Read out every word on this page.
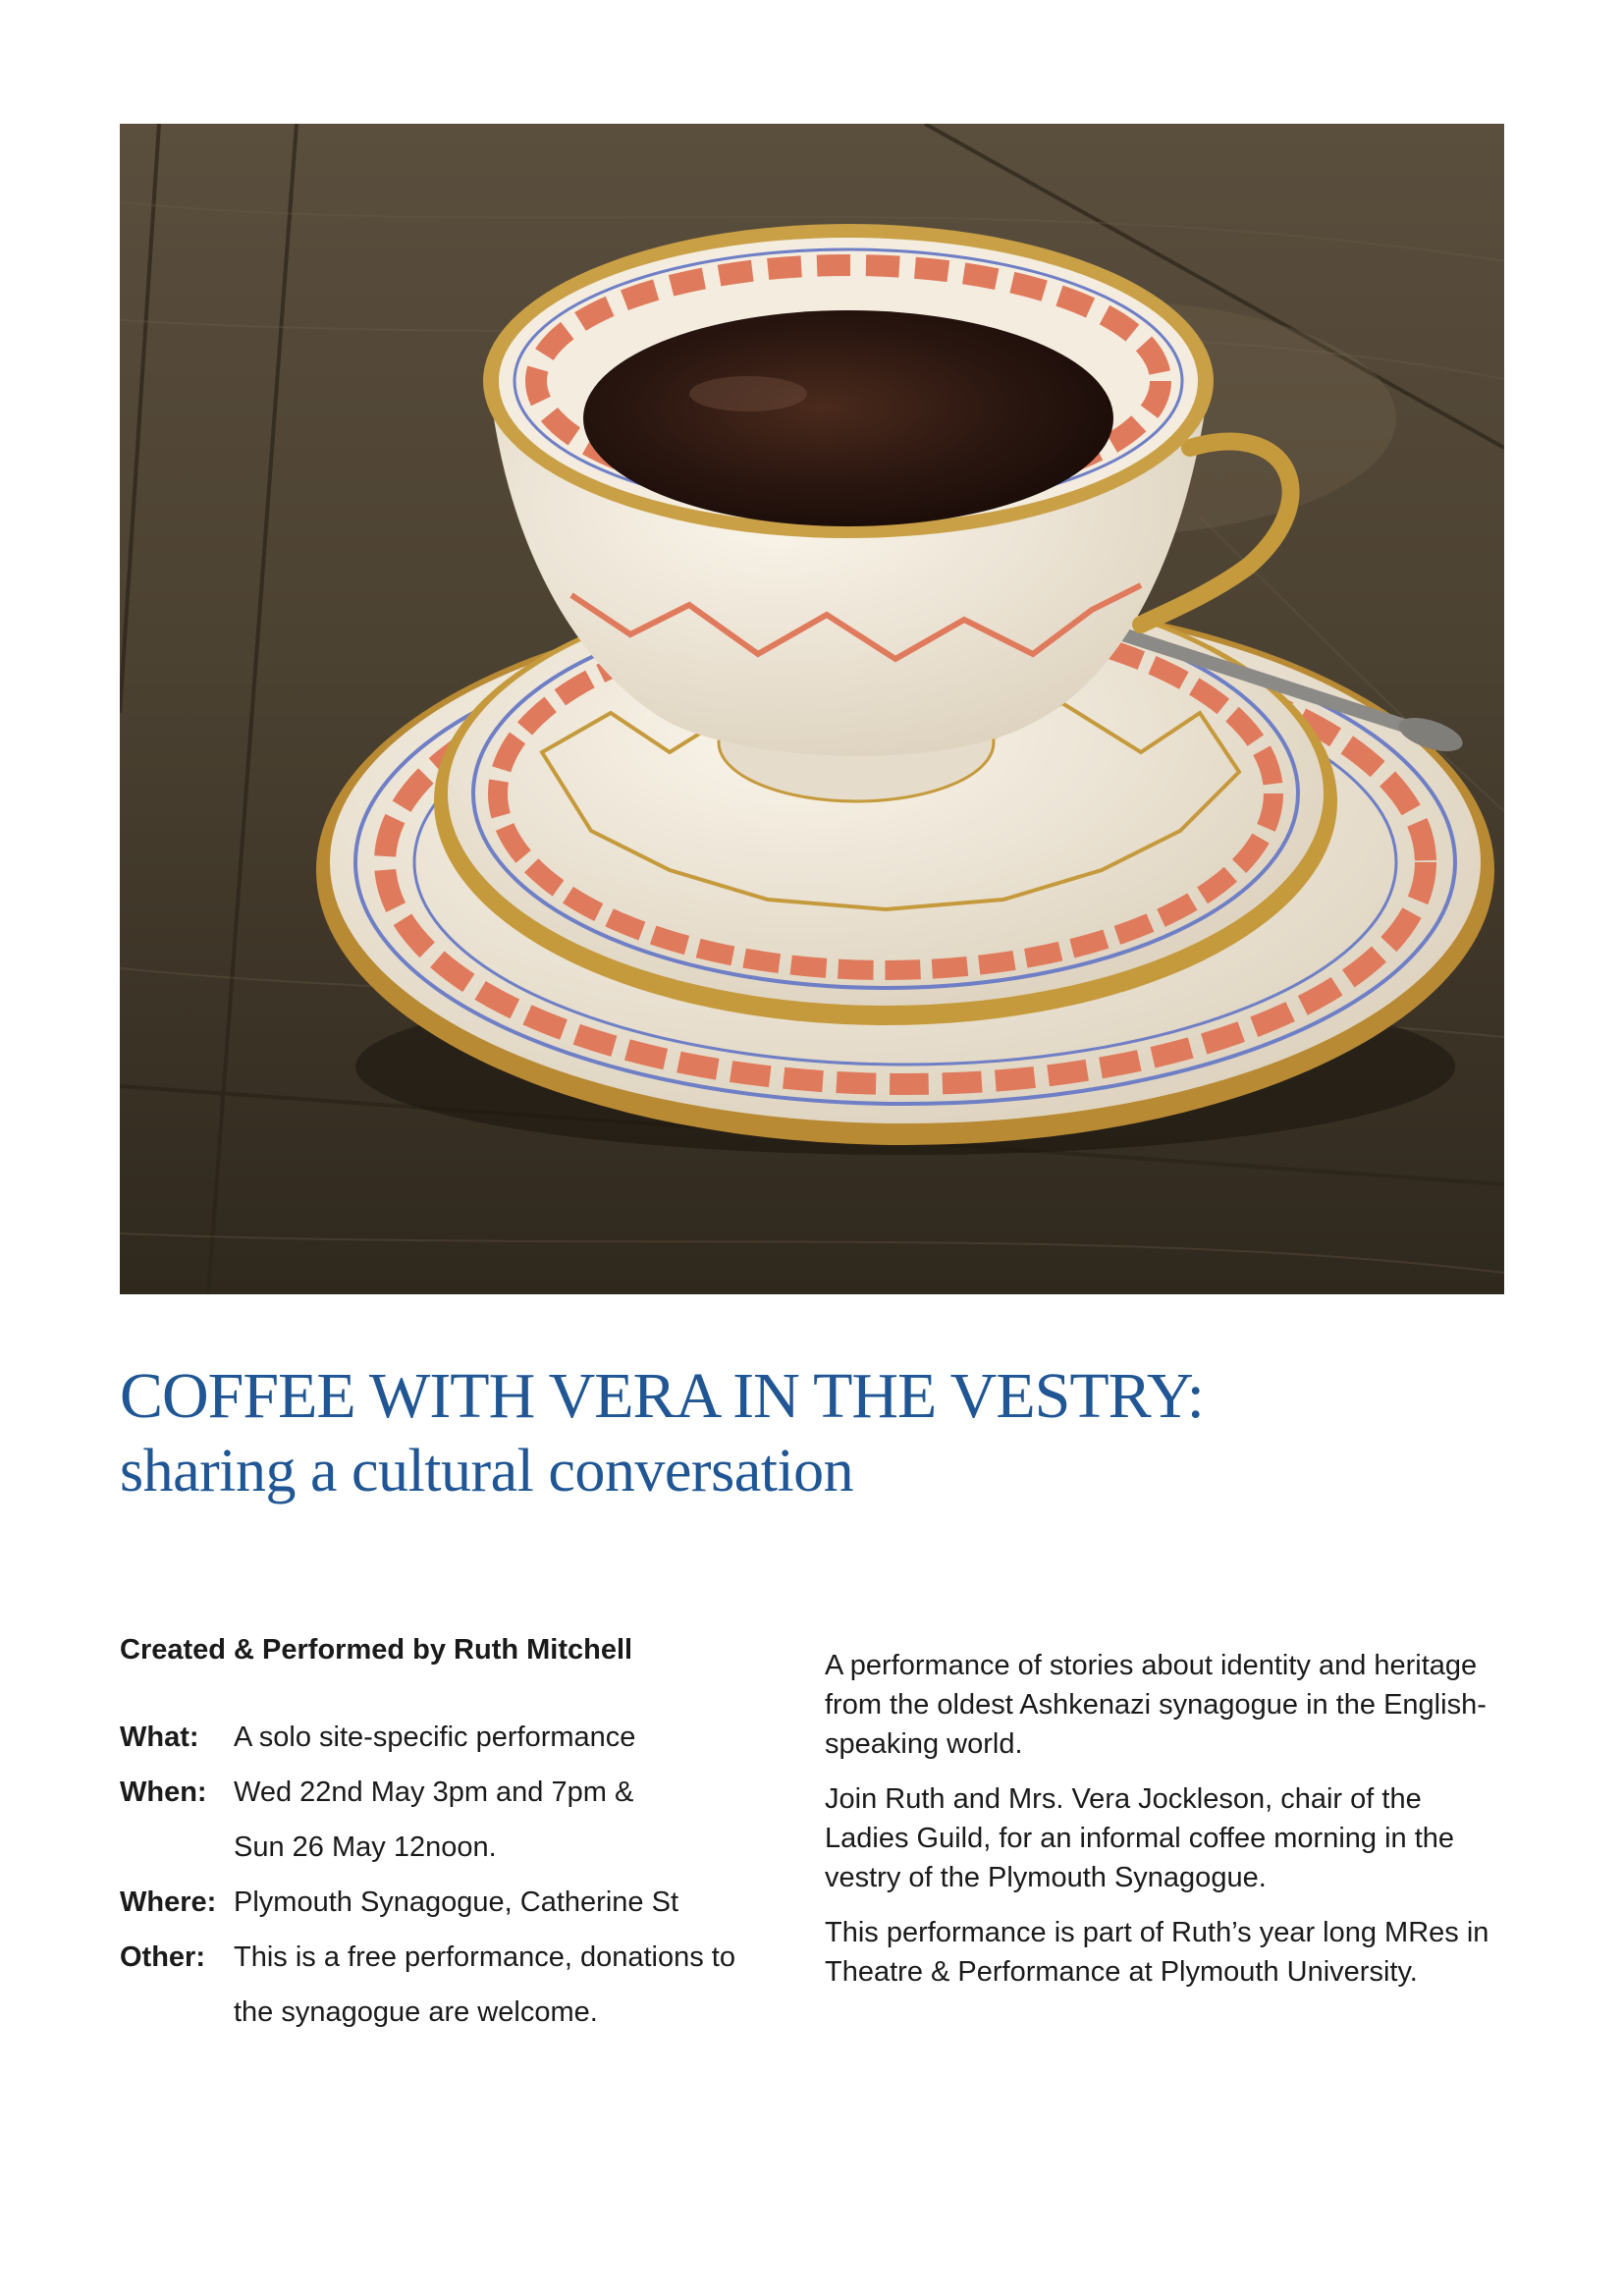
COFFEE WITH VERA IN THE VESTRY:
sharing a cultural conversation

Created & Performed by Ruth Mitchell

What:	A solo site-specific performance
When: Wed 22nd May 3pm and 7pm &
Sun 26 May 12noon.
Where: Plymouth Synagogue, Catherine St
Other:	This is a free performance, donations to
the synagogue are welcome.

A performance of stories about identity and heritage from the oldest Ashkenazi synagogue in the English-speaking world.

Join Ruth and Mrs. Vera Jockleson, chair of the Ladies Guild, for an informal coffee morning in the vestry of the Plymouth Synagogue.

This performance is part of Ruth’s year long MRes in Theatre & Performance at Plymouth University.
